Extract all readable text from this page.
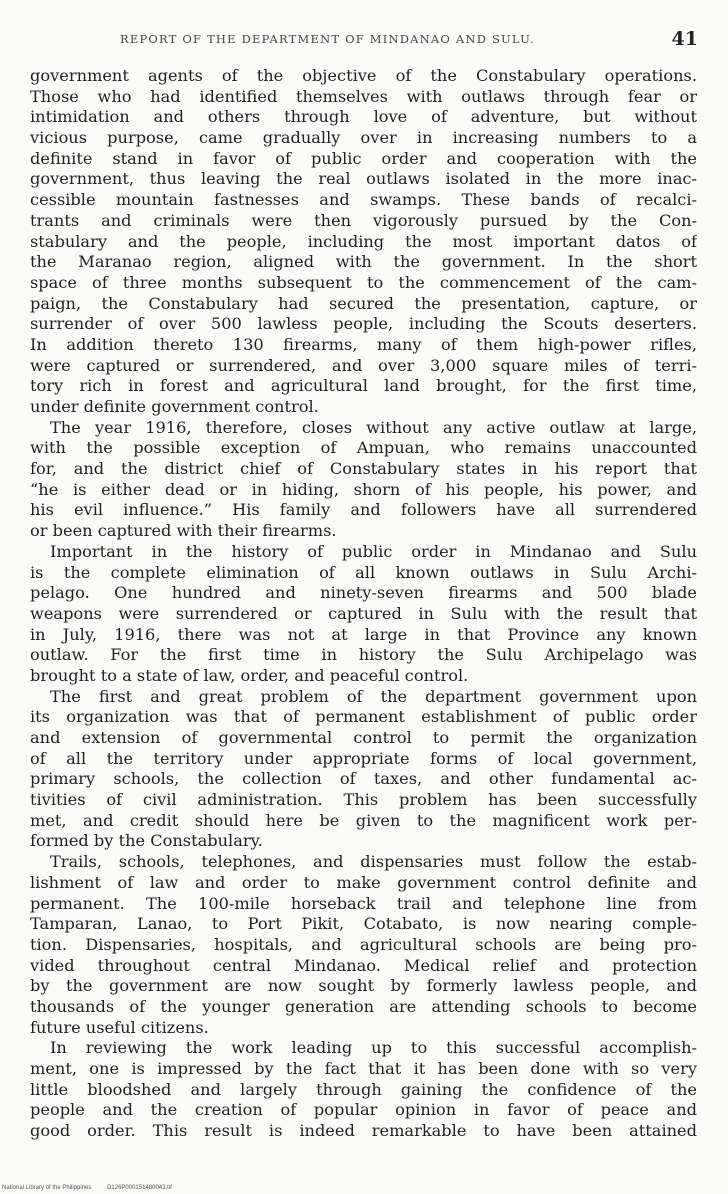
REPORT OF THE DEPARTMENT OF MINDANAO AND SULU.	41
government agents of the objective of the Constabulary operations.
Those who had identified themselves with outlaws through fear or
intimidation and others through love of adventure, but without
vicious purpose, came gradually over in increasing numbers to a
definite stand in favor of public order and cooperation with the
government, thus leaving the real outlaws isolated in the more inac-
cessible mountain fastnesses and swamps. These bands of recalci-
trants and criminals were then vigorously pursued by the Con-
stabulary and the people, including the most important datos of
the Maranao region, aligned with the government. In the short
space of three months subsequent to the commencement of the cam-
paign, the Constabulary had secured the presentation, capture, or
surrender of over 500 lawless people, including the Scouts deserters.
In addition thereto 130 firearms, many of them high-power rifles,
were captured or surrendered, and over 3,000 square miles of terri-
tory rich in forest and agricultural land brought, for the first time,
under definite government control.
The year 1916, therefore, closes without any active outlaw at large,
with the possible exception of Ampuan, who remains unaccounted
for, and the district chief of Constabulary states in his report that
“he is either dead or in hiding, shorn of his people, his power, and
his evil influence.” His family and followers have all surrendered
or been captured with their firearms.
Important in the history of public order in Mindanao and Sulu
is the complete elimination of all known outlaws in Sulu Archi-
pelago. One hundred and ninety-seven firearms and 500 blade
weapons were surrendered or captured in Sulu with the result that
in July, 1916, there was not at large in that Province any known
outlaw. For the first time in history the Sulu Archipelago was
brought to a state of law, order, and peaceful control.
The first and great problem of the department government upon
its organization was that of permanent establishment of public order
and extension of governmental control to permit the organization
of all the territory under appropriate forms of local government,
primary schools, the collection of taxes, and other fundamental ac-
tivities of civil administration. This problem has been successfully
met, and credit should here be given to the magnificent work per-
formed by the Constabulary.
Trails, schools, telephones, and dispensaries must follow the estab-
lishment of law and order to make government control definite and
permanent. The 100-mile horseback trail and telephone line from
Tamparan, Lanao, to Port Pikit, Cotabato, is now nearing comple-
tion. Dispensaries, hospitals, and agricultural schools are being pro-
vided throughout central Mindanao. Medical relief and protection
by the government are now sought by formerly lawless people, and
thousands of the younger generation are attending schools to become
future useful citizens.
In reviewing the work leading up to this successful accomplish-
ment, one is impressed by the fact that it has been done with so very
little bloodshed and largely through gaining the confidence of the
people and the creation of popular opinion in favor of peace and
good order. This result is indeed remarkable to have been attained
National Library of the Philippines	D126P000151480043.tif
